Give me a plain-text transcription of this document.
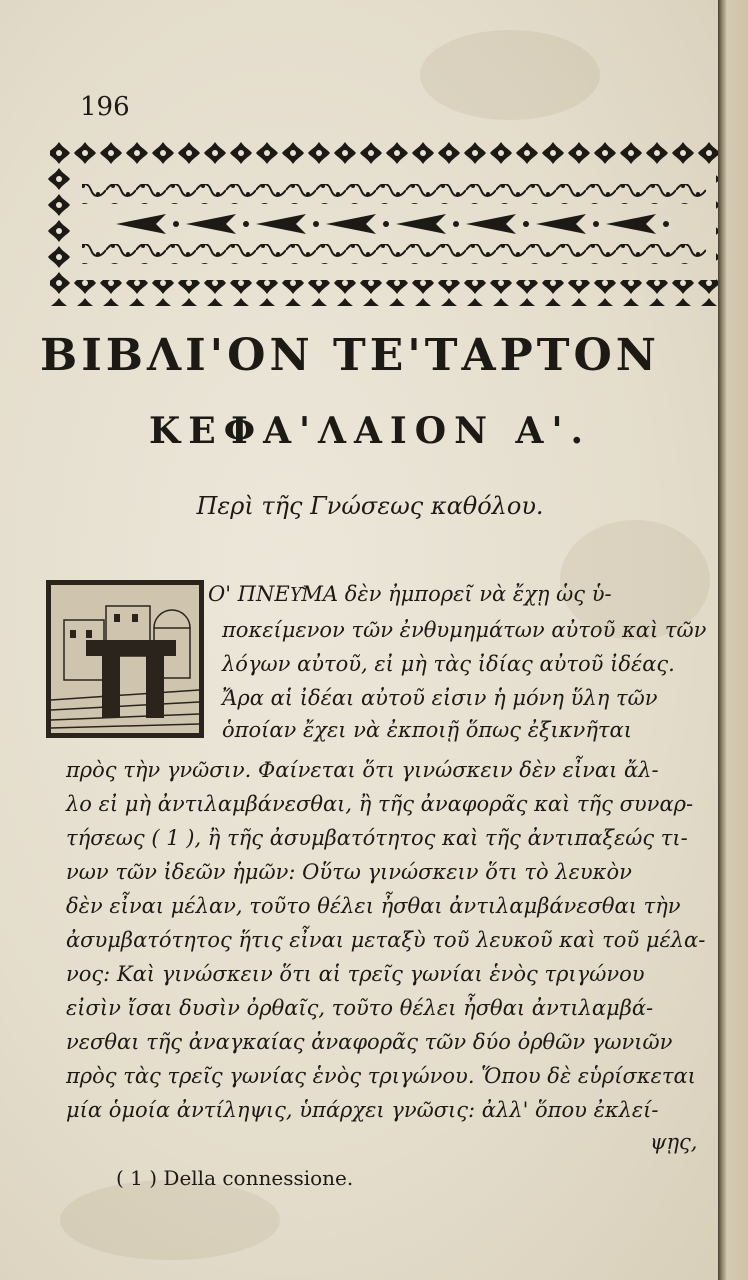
196
ΒΙΒΛΙ'ΟΝ ΤΕ'ΤΑΡΤΟΝ
ΚΕΦΑ'ΛΑΙΟΝ Α'.
Περὶ τῆς Γνώσεως καθόλου.
Ο' ΠΝΕΥ͂ΜΑ δὲν ἠμπορεῖ νὰ ἔχῃ ὡς ὑ-
ποκείμενον τῶν ἐνθυμημάτων αὐτοῦ καὶ τῶν
λόγων αὐτοῦ, εἰ μὴ τὰς ἰδίας αὐτοῦ ἰδέας.
Ἄρα αἱ ἰδέαι αὐτοῦ εἰσιν ἡ μόνη ὕλη τῶν
ὁποίαν ἔχει νὰ ἐκποιῇ ὅπως ἐξικνῆται
πρὸς τὴν γνῶσιν. Φαίνεται ὅτι γινώσκειν δὲν εἶναι ἄλ-
λο εἰ μὴ ἀντιλαμβάνεσθαι, ἢ τῆς ἀναφορᾶς καὶ τῆς συναρ-
τήσεως ( 1 ), ἢ τῆς ἀσυμβατότητος καὶ τῆς ἀντιπαξεώς τι-
νων τῶν ἰδεῶν ἡμῶν: Οὕτω γινώσκειν ὅτι τὸ λευκὸν
δὲν εἶναι μέλαν, τοῦτο θέλει ἦσθαι ἀντιλαμβάνεσθαι τὴν
ἀσυμβατότητος ἥτις εἶναι μεταξὺ τοῦ λευκοῦ καὶ τοῦ μέλα-
νος: Καὶ γινώσκειν ὅτι αἱ τρεῖς γωνίαι ἑνὸς τριγώνου
εἰσὶν ἴσαι δυσὶν ὀρθαῖς, τοῦτο θέλει ἦσθαι ἀντιλαμβά-
νεσθαι τῆς ἀναγκαίας ἀναφορᾶς τῶν δύο ὀρθῶν γωνιῶν
πρὸς τὰς τρεῖς γωνίας ἑνὸς τριγώνου. Ὅπου δὲ εὑρίσκεται
μία ὁμοία ἀντίληψις, ὑπάρχει γνῶσις: ἀλλ' ὅπου ἐκλεί-
ψῃς,
( 1 ) Della connessione.
